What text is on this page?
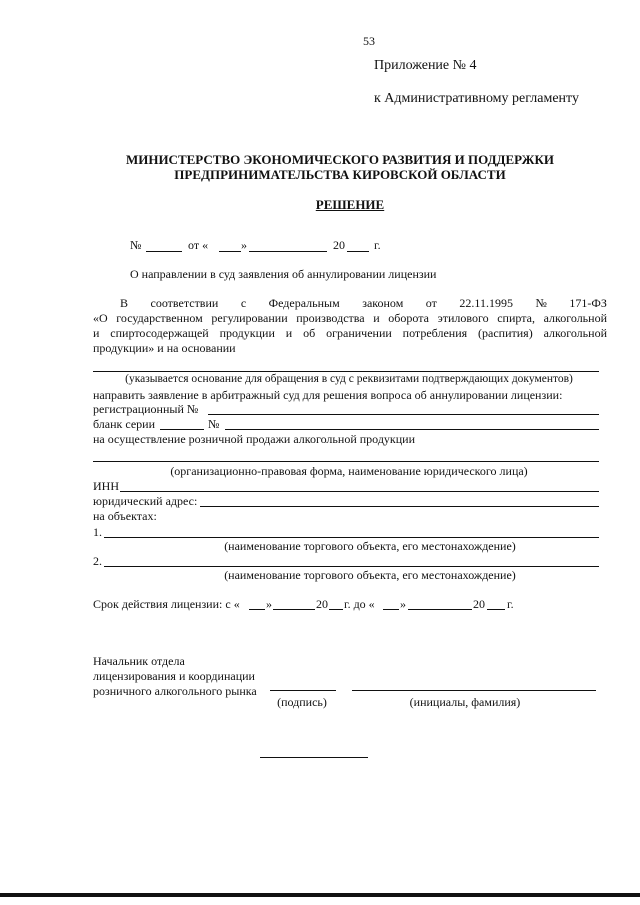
53
Приложение № 4
к Административному регламенту
МИНИСТЕРСТВО ЭКОНОМИЧЕСКОГО РАЗВИТИЯ И ПОДДЕРЖКИ
ПРЕДПРИНИМАТЕЛЬСТВА КИРОВСКОЙ ОБЛАСТИ
РЕШЕНИЕ
№	от «	»	20 г.
О направлении в суд заявления об аннулировании лицензии
В соответствии с Федеральным законом от 22.11.1995 № 171-ФЗ
«О государственном регулировании производства и оборота этилового спирта, алкогольной
и спиртосодержащей продукции и об ограничении потребления (распития) алкогольной
продукции» и на основании
(указывается основание для обращения в суд с реквизитами подтверждающих документов)
направить заявление в арбитражный суд для решения вопроса об аннулировании лицензии:
регистрационный №
бланк серии	№
на осуществление розничной продажи алкогольной продукции
(организационно-правовая форма, наименование юридического лица)
ИНН
юридический адрес:
на объектах:
1.
(наименование торгового объекта, его местонахождение)
2.
(наименование торгового объекта, его местонахождение)
Срок действия лицензии: с « »	20 г. до « »	20 г.
Начальник отдела
лицензирования и координации
розничного алкогольного рынка
(подпись)	(инициалы, фамилия)
